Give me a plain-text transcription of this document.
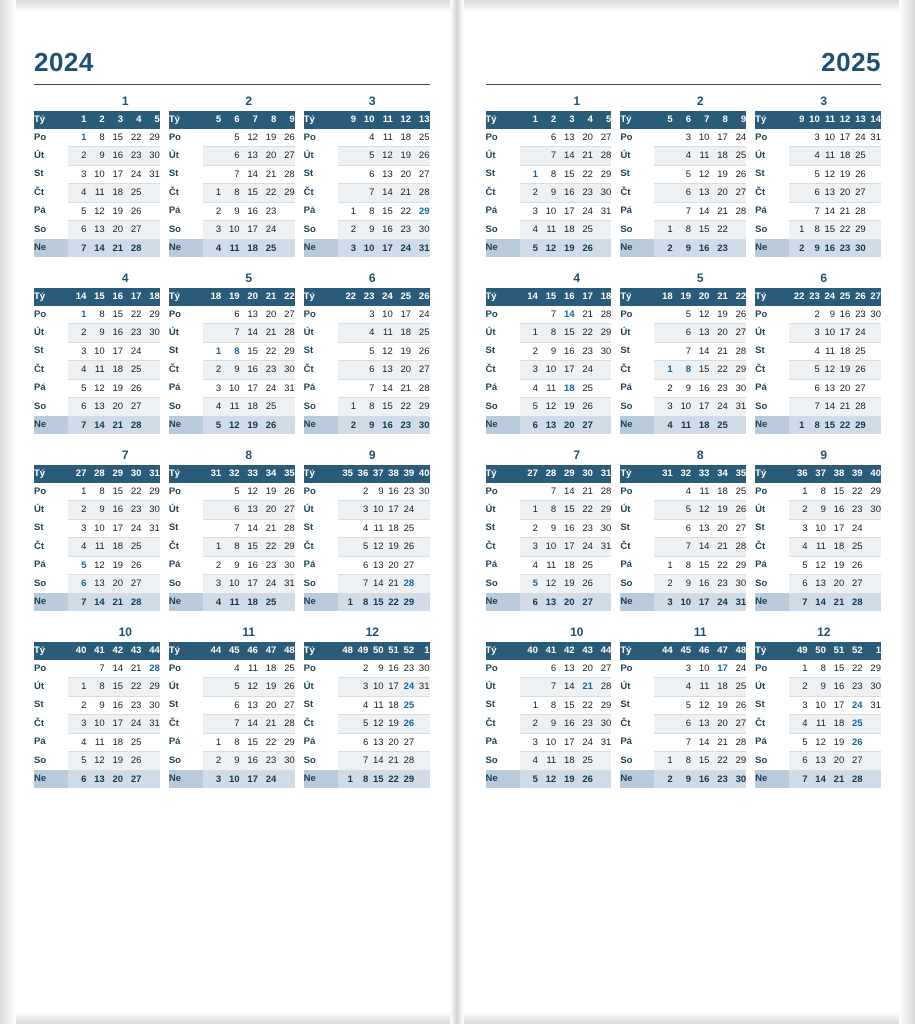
2024
1	2	3
Tý	1	2	3	4	5
Po	1	8	15	22	29
Út	2	9	16	23	30
St	3	10	17	24	31
Čt	4	11	18	25	
Pá	5	12	19	26	
So	6	13	20	27	
Ne	7	14	21	28	

Tý	5	6	7	8	9
Po		5	12	19	26
Út		6	13	20	27
St		7	14	21	28
Čt	1	8	15	22	29
Pá	2	9	16	23	
So	3	10	17	24	
Ne	4	11	18	25	

Tý	9	10	11	12	13
Po		4	11	18	25
Út		5	12	19	26
St		6	13	20	27
Čt		7	14	21	28
Pá	1	8	15	22	29
So	2	9	16	23	30
Ne	3	10	17	24	31
4	5	6
Tý	14	15	16	17	18
Po	1	8	15	22	29
Út	2	9	16	23	30
St	3	10	17	24	
Čt	4	11	18	25	
Pá	5	12	19	26	
So	6	13	20	27	
Ne	7	14	21	28	

Tý	18	19	20	21	22
Po		6	13	20	27
Út		7	14	21	28
St	1	8	15	22	29
Čt	2	9	16	23	30
Pá	3	10	17	24	31
So	4	11	18	25	
Ne	5	12	19	26	

Tý	22	23	24	25	26
Po		3	10	17	24
Út		4	11	18	25
St		5	12	19	26
Čt		6	13	20	27
Pá		7	14	21	28
So	1	8	15	22	29
Ne	2	9	16	23	30
7	8	9
Tý	27	28	29	30	31
Po	1	8	15	22	29
Út	2	9	16	23	30
St	3	10	17	24	31
Čt	4	11	18	25	
Pá	5	12	19	26	
So	6	13	20	27	
Ne	7	14	21	28	

Tý	31	32	33	34	35
Po		5	12	19	26
Út		6	13	20	27
St		7	14	21	28
Čt	1	8	15	22	29
Pá	2	9	16	23	30
So	3	10	17	24	31
Ne	4	11	18	25	

Tý	35	36	37	38	39	40
Po		2	9	16	23	30
Út		3	10	17	24	
St		4	11	18	25	
Čt		5	12	19	26	
Pá		6	13	20	27	
So		7	14	21	28	
Ne	1	8	15	22	29	
10	11	12
Tý	40	41	42	43	44
Po		7	14	21	28
Út	1	8	15	22	29
St	2	9	16	23	30
Čt	3	10	17	24	31
Pá	4	11	18	25	
So	5	12	19	26	
Ne	6	13	20	27	

Tý	44	45	46	47	48
Po		4	11	18	25
Út		5	12	19	26
St		6	13	20	27
Čt		7	14	21	28
Pá	1	8	15	22	29
So	2	9	16	23	30
Ne	3	10	17	24	

Tý	48	49	50	51	52	1
Po		2	9	16	23	30
Út		3	10	17	24	31
St		4	11	18	25	
Čt		5	12	19	26	
Pá		6	13	20	27	
So		7	14	21	28	
Ne	1	8	15	22	29	
2025
1	2	3
Tý	1	2	3	4	5
Po		6	13	20	27
Út		7	14	21	28
St	1	8	15	22	29
Čt	2	9	16	23	30
Pá	3	10	17	24	31
So	4	11	18	25	
Ne	5	12	19	26	

Tý	5	6	7	8	9
Po		3	10	17	24
Út		4	11	18	25
St		5	12	19	26
Čt		6	13	20	27
Pá		7	14	21	28
So	1	8	15	22	
Ne	2	9	16	23	

Tý	9	10	11	12	13	14
Po		3	10	17	24	31
Út		4	11	18	25	
St		5	12	19	26	
Čt		6	13	20	27	
Pá		7	14	21	28	
So	1	8	15	22	29	
Ne	2	9	16	23	30	
4	5	6
Tý	14	15	16	17	18
Po		7	14	21	28
Út	1	8	15	22	29
St	2	9	16	23	30
Čt	3	10	17	24	
Pá	4	11	18	25	
So	5	12	19	26	
Ne	6	13	20	27	

Tý	18	19	20	21	22
Po		5	12	19	26
Út		6	13	20	27
St		7	14	21	28
Čt	1	8	15	22	29
Pá	2	9	16	23	30
So	3	10	17	24	31
Ne	4	11	18	25	

Tý	22	23	24	25	26	27
Po		2	9	16	23	30
Út		3	10	17	24	
St		4	11	18	25	
Čt		5	12	19	26	
Pá		6	13	20	27	
So		7	14	21	28	
Ne	1	8	15	22	29	
7	8	9
Tý	27	28	29	30	31
Po		7	14	21	28
Út	1	8	15	22	29
St	2	9	16	23	30
Čt	3	10	17	24	31
Pá	4	11	18	25	
So	5	12	19	26	
Ne	6	13	20	27	

Tý	31	32	33	34	35
Po		4	11	18	25
Út		5	12	19	26
St		6	13	20	27
Čt		7	14	21	28
Pá	1	8	15	22	29
So	2	9	16	23	30
Ne	3	10	17	24	31

Tý	36	37	38	39	40
Po	1	8	15	22	29
Út	2	9	16	23	30
St	3	10	17	24	
Čt	4	11	18	25	
Pá	5	12	19	26	
So	6	13	20	27	
Ne	7	14	21	28	
10	11	12
Tý	40	41	42	43	44
Po		6	13	20	27
Út		7	14	21	28
St	1	8	15	22	29
Čt	2	9	16	23	30
Pá	3	10	17	24	31
So	4	11	18	25	
Ne	5	12	19	26	

Tý	44	45	46	47	48
Po		3	10	17	24
Út		4	11	18	25
St		5	12	19	26
Čt		6	13	20	27
Pá		7	14	21	28
So	1	8	15	22	29
Ne	2	9	16	23	30

Tý	49	50	51	52	1
Po	1	8	15	22	29
Út	2	9	16	23	30
St	3	10	17	24	31
Čt	4	11	18	25	
Pá	5	12	19	26	
So	6	13	20	27	
Ne	7	14	21	28	
